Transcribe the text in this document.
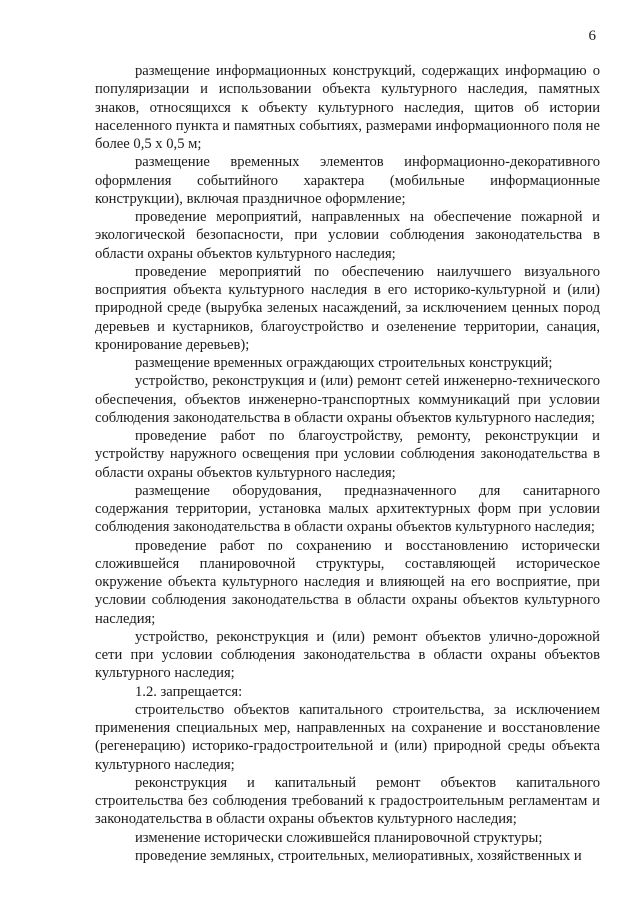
6

размещение информационных конструкций, содержащих информацию о популяризации и использовании объекта культурного наследия, памятных знаков, относящихся к объекту культурного наследия, щитов об истории населенного пункта и памятных событиях, размерами информационного поля не более 0,5 х 0,5 м;

размещение временных элементов информационно-декоративного оформления событийного характера (мобильные информационные конструкции), включая праздничное оформление;

проведение мероприятий, направленных на обеспечение пожарной и экологической безопасности, при условии соблюдения законодательства в области охраны объектов культурного наследия;

проведение мероприятий по обеспечению наилучшего визуального восприятия объекта культурного наследия в его историко-культурной и (или) природной среде (вырубка зеленых насаждений, за исключением ценных пород деревьев и кустарников, благоустройство и озеленение территории, санация, кронирование деревьев);

размещение временных ограждающих строительных конструкций;

устройство, реконструкция и (или) ремонт сетей инженерно-технического обеспечения, объектов инженерно-транспортных коммуникаций при условии соблюдения законодательства в области охраны объектов культурного наследия;

проведение работ по благоустройству, ремонту, реконструкции и устройству наружного освещения при условии соблюдения законодательства в области охраны объектов культурного наследия;

размещение оборудования, предназначенного для санитарного содержания территории, установка малых архитектурных форм при условии соблюдения законодательства в области охраны объектов культурного наследия;

проведение работ по сохранению и восстановлению исторически сложившейся планировочной структуры, составляющей историческое окружение объекта культурного наследия и влияющей на его восприятие, при условии соблюдения законодательства в области охраны объектов культурного наследия;

устройство, реконструкция и (или) ремонт объектов улично-дорожной сети при условии соблюдения законодательства в области охраны объектов культурного наследия;

1.2. запрещается:

строительство объектов капитального строительства, за исключением применения специальных мер, направленных на сохранение и восстановление (регенерацию) историко-градостроительной и (или) природной среды объекта культурного наследия;

реконструкция и капитальный ремонт объектов капитального строительства без соблюдения требований к градостроительным регламентам и законодательства в области охраны объектов культурного наследия;

изменение исторически сложившейся планировочной структуры;

проведение земляных, строительных, мелиоративных, хозяйственных и
